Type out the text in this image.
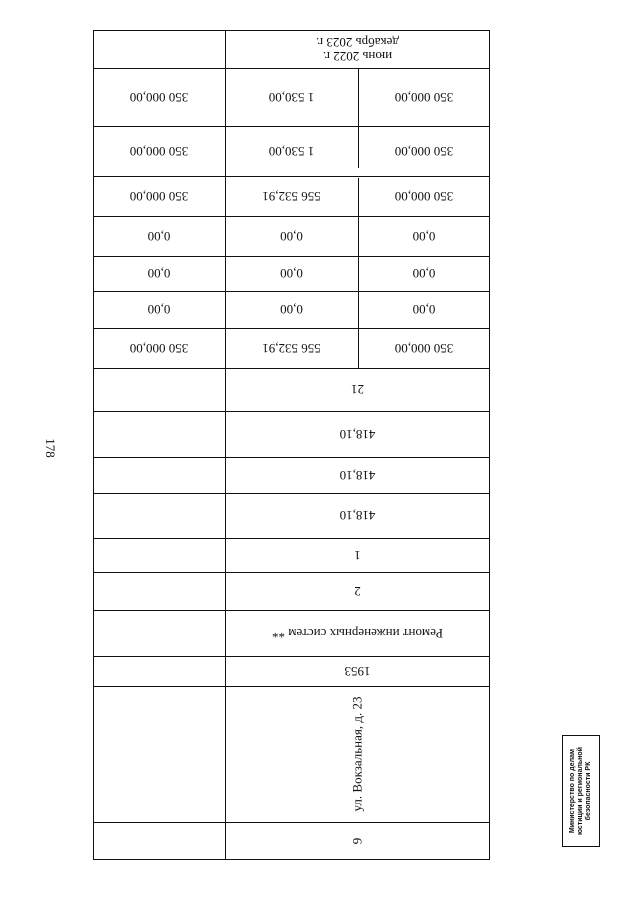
178
июнь 2022 г.
декабрь 2023 г.
350 000,00	1 530,00	350 000,00
350 000,00	1 530,00	350 000,00
350 000,00	556 532,91	350 000,00
0,00	0,00	0,00
0,00	0,00	0,00
0,00	0,00	0,00
350 000,00	556 532,91	350 000,00
21
418,10
418,10
418,10
1
2
Ремонт инженерных систем **
1953
ул. Вокзальная, д. 23
9
Министерство по делам юстиции и региональной безопасности РК
